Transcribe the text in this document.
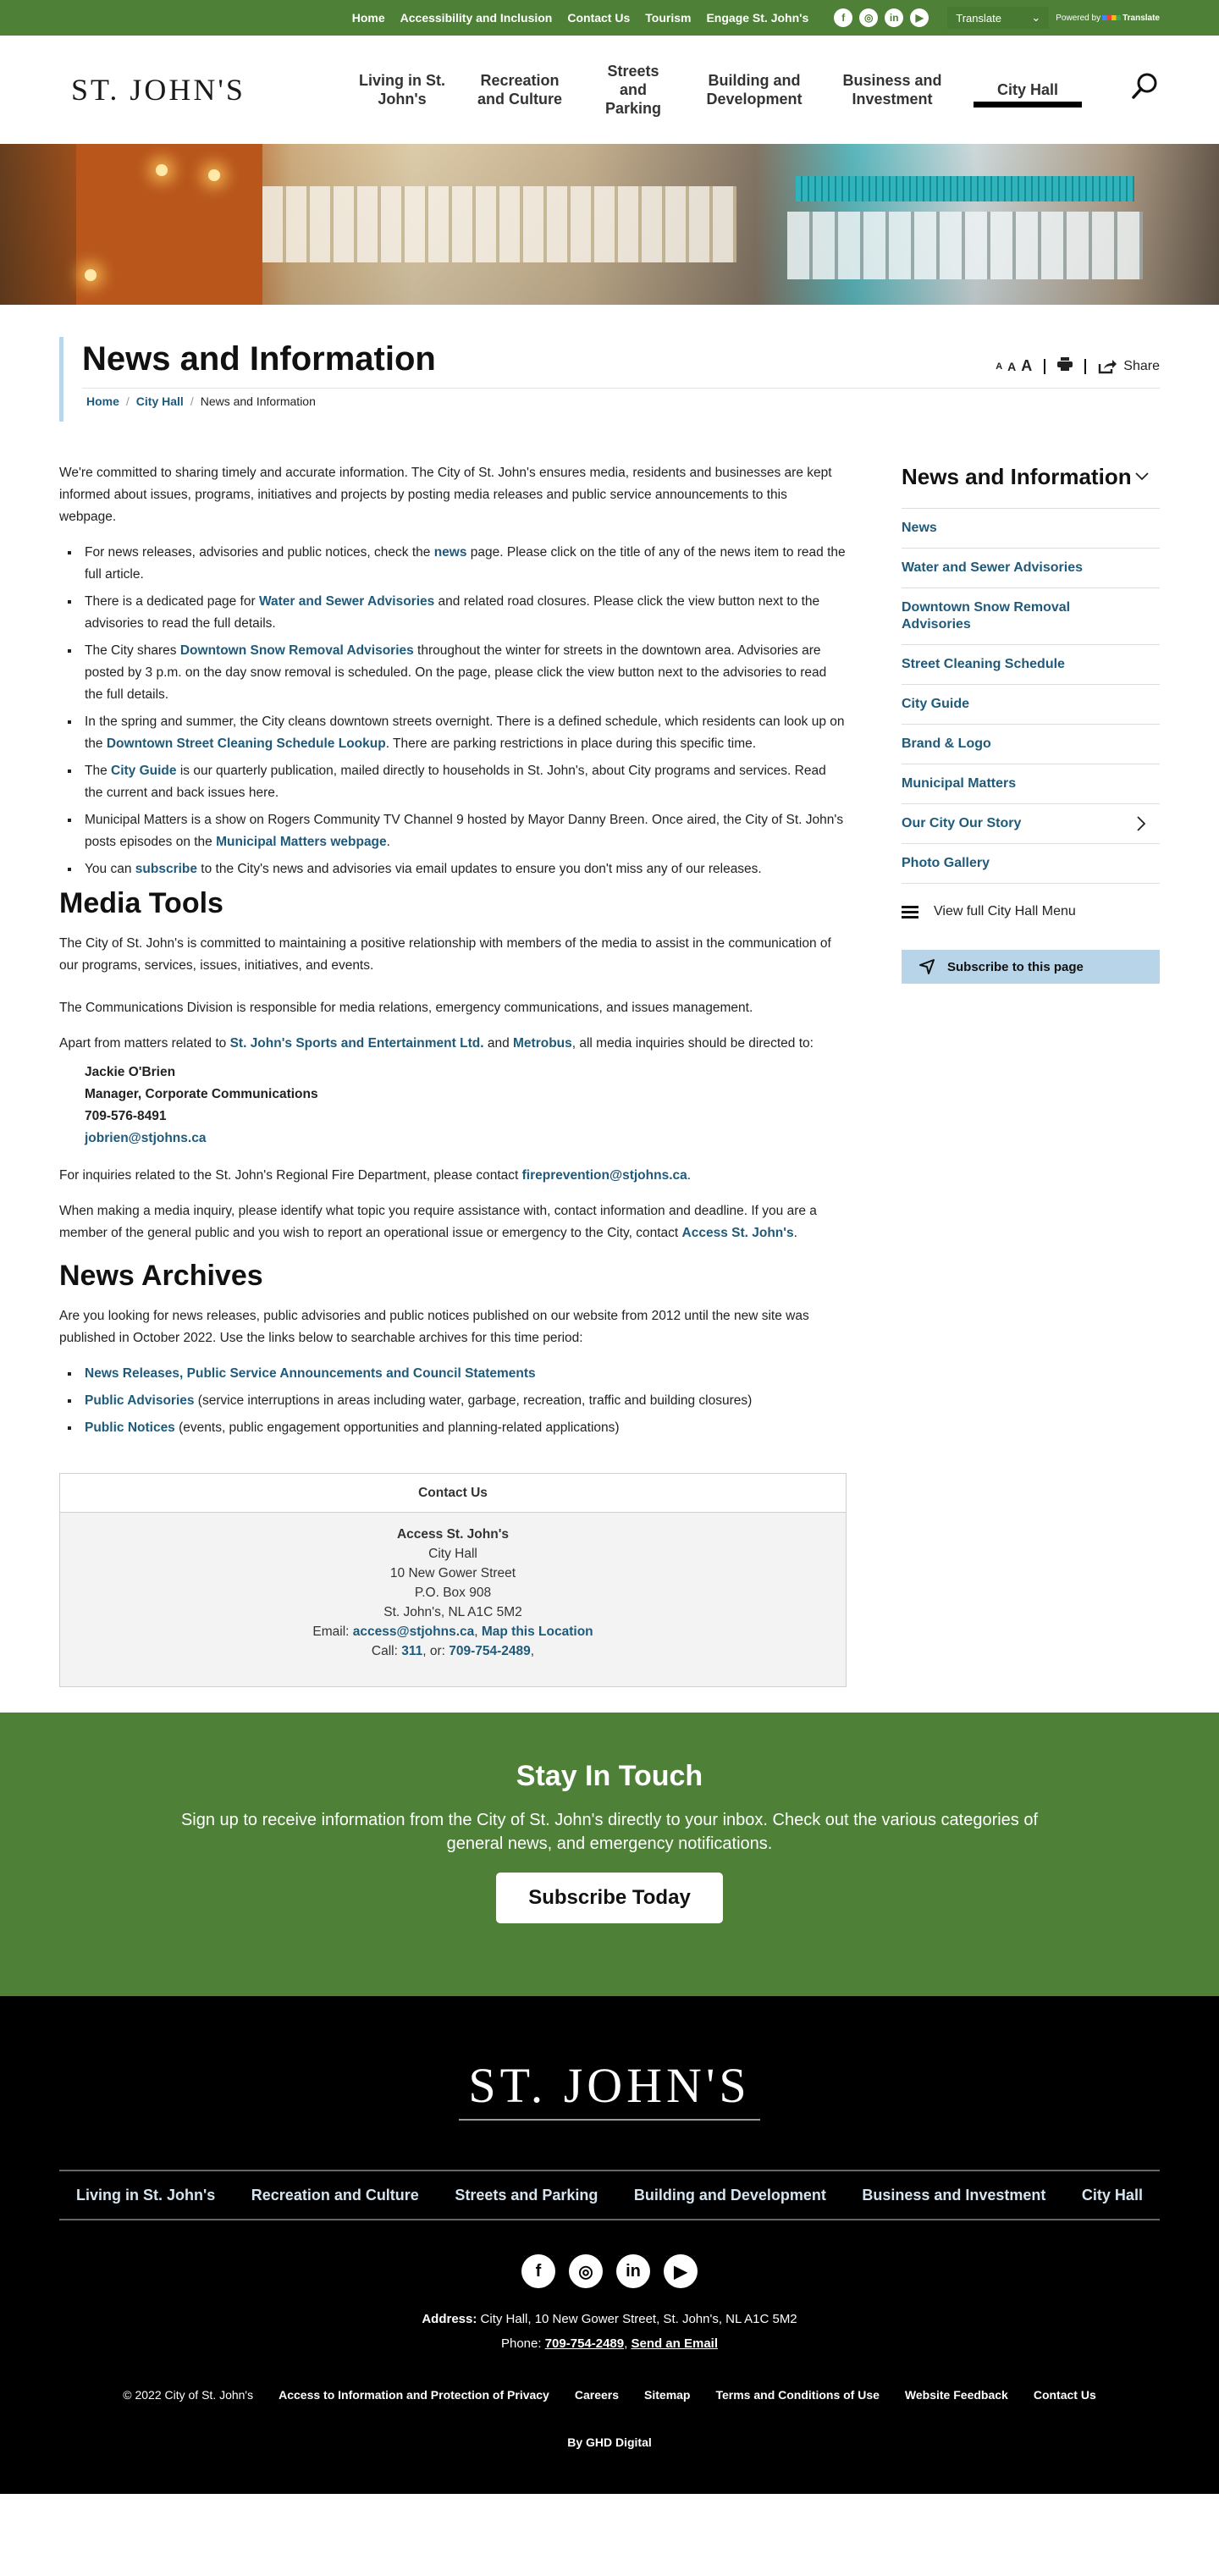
Home Accessibility and Inclusion Contact Us Tourism Engage St. John's	f	◎	in	▶	Translate	⌄ Powered by	Translate
ST. JOHN'S	Living in St. John's
Recreation and Culture
Streets and Parking
Building and Development
Business and Investment
City Hall
News and Information
Home / City Hall / News and Information
A A A	Share

We're committed to sharing timely and accurate information. The City of St. John's ensures media, residents and businesses are kept informed about issues, programs, initiatives and projects by posting media releases and public service announcements to this webpage.

For news releases, advisories and public notices, check the news page. Please click on the title of any of the news item to read the full article.
There is a dedicated page for Water and Sewer Advisories and related road closures. Please click the view button next to the advisories to read the full details.
The City shares Downtown Snow Removal Advisories throughout the winter for streets in the downtown area. Advisories are posted by 3 p.m. on the day snow removal is scheduled. On the page, please click the view button next to the advisories to read the full details.
In the spring and summer, the City cleans downtown streets overnight. There is a defined schedule, which residents can look up on the Downtown Street Cleaning Schedule Lookup. There are parking restrictions in place during this specific time.
The City Guide is our quarterly publication, mailed directly to households in St. John's, about City programs and services. Read the current and back issues here.
Municipal Matters is a show on Rogers Community TV Channel 9 hosted by Mayor Danny Breen. Once aired, the City of St. John's posts episodes on the Municipal Matters webpage.
You can subscribe to the City's news and advisories via email updates to ensure you don't miss any of our releases.
Media Tools

The City of St. John's is committed to maintaining a positive relationship with members of the media to assist in the communication of our programs, services, issues, initiatives, and events.

The Communications Division is responsible for media relations, emergency communications, and issues management.

Apart from matters related to St. John's Sports and Entertainment Ltd. and Metrobus, all media inquiries should be directed to:

Jackie O'Brien
Manager, Corporate Communications
709-576-8491
jobrien@stjohns.ca

For inquiries related to the St. John's Regional Fire Department, please contact fireprevention@stjohns.ca.

When making a media inquiry, please identify what topic you require assistance with, contact information and deadline. If you are a member of the general public and you wish to report an operational issue or emergency to the City, contact Access St. John's.

News Archives

Are you looking for news releases, public advisories and public notices published on our website from 2012 until the new site was published in October 2022. Use the links below to searchable archives for this time period:

News Releases, Public Service Announcements and Council Statements
Public Advisories (service interruptions in areas including water, garbage, recreation, traffic and building closures)
Public Notices (events, public engagement opportunities and planning-related applications)
Contact Us
Access St. John's
City Hall
10 New Gower Street
P.O. Box 908
St. John's, NL A1C 5M2
Email: access@stjohns.ca, Map this Location
Call: 311, or: 709-754-2489,
News and Information
News
Water and Sewer Advisories
Downtown Snow Removal Advisories
Street Cleaning Schedule
City Guide
Brand & Logo
Municipal Matters
Our City Our Story
Photo Gallery
View full City Hall Menu
Subscribe to this page
Stay In Touch

Sign up to receive information from the City of St. John's directly to your inbox. Check out the various categories of general news, and emergency notifications.

Subscribe Today
ST. JOHN'S
Living in St. John's Recreation and Culture Streets and Parking Building and Development Business and Investment City Hall
f	◎	in	▶
Address: City Hall, 10 New Gower Street, St. John's, NL A1C 5M2
Phone: 709-754-2489, Send an Email
© 2022 City of St. John's Access to Information and Protection of Privacy Careers Sitemap Terms and Conditions of Use Website Feedback Contact Us
By GHD Digital
